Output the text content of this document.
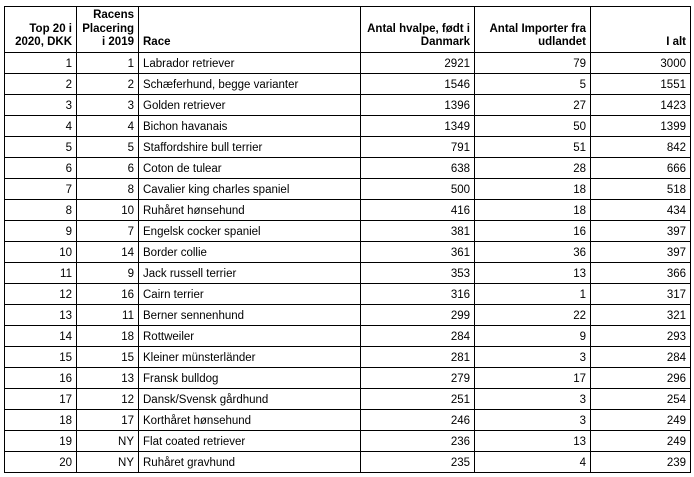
Top 20 i 2020, DKK	Racens Placering i 2019	Race	Antal hvalpe, født i Danmark	Antal Importer fra udlandet	I alt
1	1	Labrador retriever	2921	79	3000
2	2	Schæferhund, begge varianter	1546	5	1551
3	3	Golden retriever	1396	27	1423
4	4	Bichon havanais	1349	50	1399
5	5	Staffordshire bull terrier	791	51	842
6	6	Coton de tulear	638	28	666
7	8	Cavalier king charles spaniel	500	18	518
8	10	Ruhåret hønsehund	416	18	434
9	7	Engelsk cocker spaniel	381	16	397
10	14	Border collie	361	36	397
11	9	Jack russell terrier	353	13	366
12	16	Cairn terrier	316	1	317
13	11	Berner sennenhund	299	22	321
14	18	Rottweiler	284	9	293
15	15	Kleiner münsterländer	281	3	284
16	13	Fransk bulldog	279	17	296
17	12	Dansk/Svensk gårdhund	251	3	254
18	17	Korthåret hønsehund	246	3	249
19	NY	Flat coated retriever	236	13	249
20	NY	Ruhåret gravhund	235	4	239
